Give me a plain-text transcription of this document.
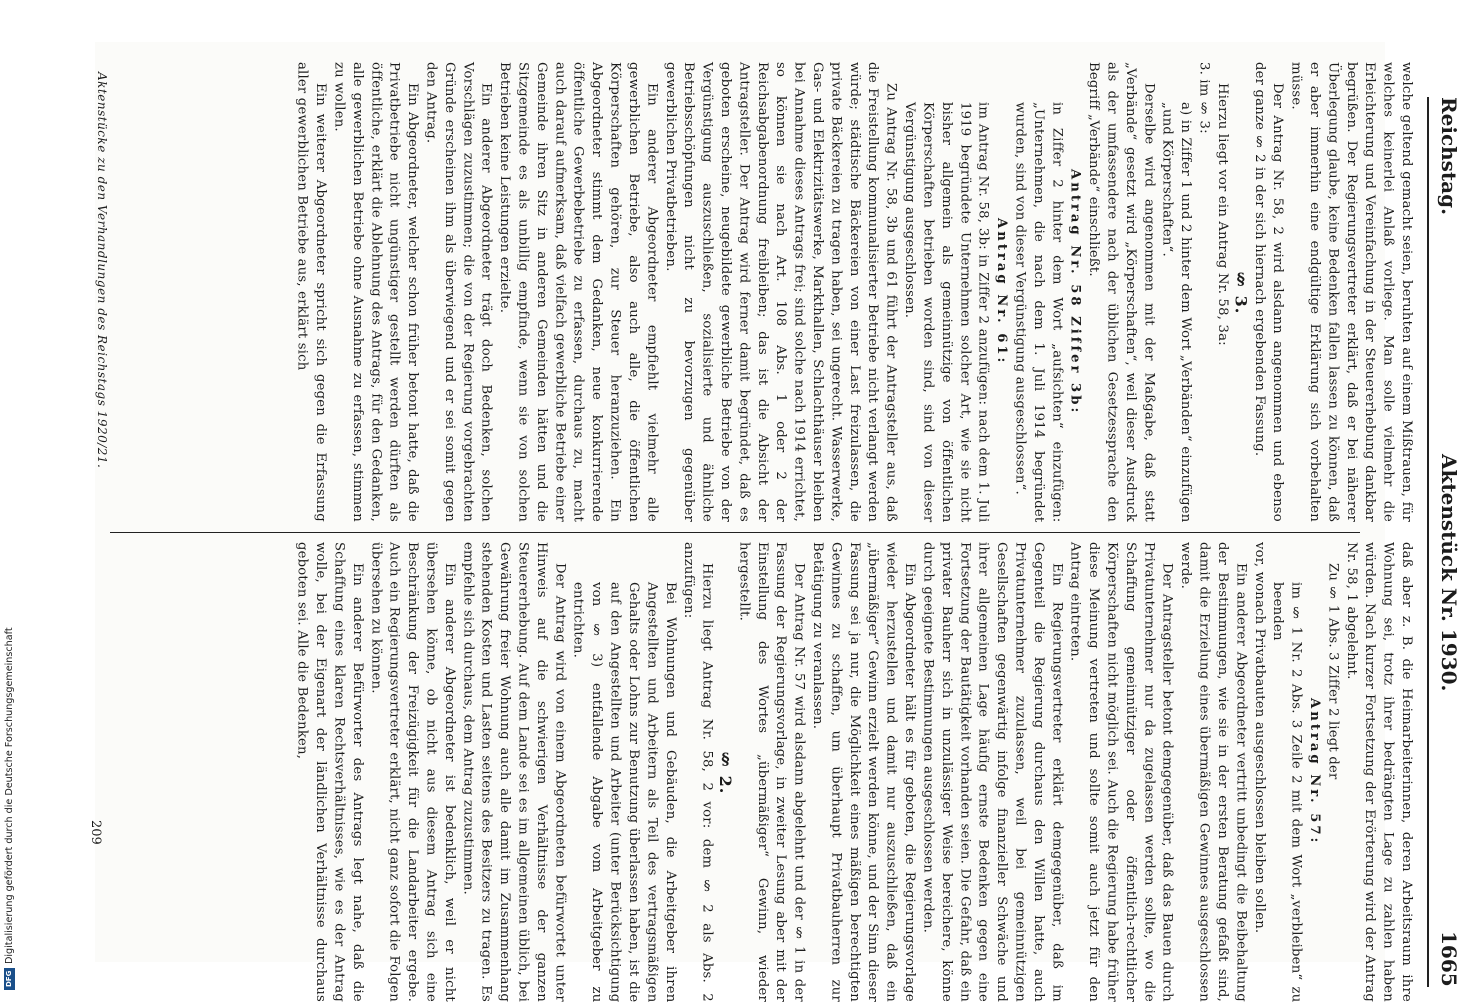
Reichstag.
Aktenstück Nr. 1930.
1665

daß aber z. B. die Heimarbeiterinnen, deren Arbeitsraum ihre Wohnung sei, trotz ihrer bedrängten Lage zu zahlen haben würden. Nach kurzer Fortsetzung der Erörterung wird der Antrag Nr. 58, 1 abgelehnt.

Zu § 1 Abs. 3 Ziffer 2 liegt der

Antrag Nr. 57:

im § 1 Nr. 2 Abs. 3 Zeile 2 mit dem Wort „verbleiben“ zu beenden

vor, wonach Privatbauten ausgeschlossen bleiben sollen.

Ein anderer Abgeordneter vertritt unbedingt die Beibehaltung der Bestimmungen, wie sie in der ersten Beratung gefaßt sind, damit die Erzielung eines übermäßigen Gewinnes ausgeschlossen werde.

Der Antragsteller betont demgegenüber, daß das Bauen durch Privatunternehmer nur da zugelassen werden sollte, wo die Schaffung gemeinnütziger oder öffentlich-rechtlicher Körperschaften nicht möglich sei. Auch die Regierung habe früher diese Meinung vertreten und sollte somit auch jetzt für den Antrag eintreten.

Ein Regierungsvertreter erklärt demgegenüber, daß im Gegenteil die Regierung durchaus den Willen hatte, auch Privatunternehmer zuzulassen, weil bei gemeinnützigen Gesellschaften gegenwärtig infolge finanzieller Schwäche und ihrer allgemeinen Lage häufig ernste Bedenken gegen eine Fortsetzung der Bautätigkeit vorhanden seien. Die Gefahr, daß ein privater Bauherr sich in unzulässiger Weise bereichere, könne durch geeignete Bestimmungen ausgeschlossen werden.

Ein Abgeordneter hält es für geboten, die Regierungsvorlage wieder herzustellen und damit nur auszuschließen, daß ein „übermäßiger“ Gewinn erzielt werden könne, und der Sinn dieser Fassung sei ja nur, die Möglichkeit eines mäßigen berechtigten Gewinnes zu schaffen, um überhaupt Privatbauherren zur Betätigung zu veranlassen.

Der Antrag Nr. 57 wird alsdann abgelehnt und der § 1 in der Fassung der Regierungsvorlage, in zweiter Lesung aber mit der Einstellung des Wortes „übermäßiger“ Gewinn, wieder hergestellt.

§ 2.

Hierzu liegt Antrag Nr. 58, 2 vor: dem § 2 als Abs. 2 anzufügen:

Bei Wohnungen und Gebäuden, die Arbeitgeber ihren Angestellten und Arbeitern als Teil des vertragsmäßigen Gehalts oder Lohns zur Benutzung überlassen haben, ist die auf den Angestellten und Arbeiter (unter Berücksichtigung von § 3) entfallende Abgabe vom Arbeitgeber zu entrichten.

Der Antrag wird von einem Abgeordneten befürwortet unter Hinweis auf die schwierigen Verhältnisse der ganzen Steuererhebung. Auf dem Lande sei es im allgemeinen üblich, bei Gewährung freier Wohnung auch alle damit im Zusammenhang stehenden Kosten und Lasten seitens des Besitzers zu tragen. Es empfehle sich durchaus, dem Antrag zuzustimmen.

Ein anderer Abgeordneter ist bedenklich, weil er nicht übersehen könne, ob nicht aus diesem Antrag sich eine Beschränkung der Freizügigkeit für die Landarbeiter ergebe. Auch ein Regierungsvertreter erklärt, nicht ganz sofort die Folgen übersehen zu können.

Ein anderer Befürworter des Antrags legt nahe, daß die Schaffung eines klaren Rechtsverhältnisses, wie es der Antrag wolle, bei der Eigenart der ländlichen Verhältnisse durchaus geboten sei. Alle die Bedenken,

welche geltend gemacht seien, beruhten auf einem Mißtrauen, für welches keinerlei Anlaß vorliege. Man solle vielmehr die Erleichterung und Vereinfachung in der Steuererhebung dankbar begrüßen. Der Regierungsvertreter erklärt, daß er bei näherer Überlegung glaube, keine Bedenken fallen lassen zu können, daß er aber immerhin eine endgültige Erklärung sich vorbehalten müsse.

Der Antrag Nr. 58, 2 wird alsdann angenommen und ebenso der ganze § 2 in der sich hiernach ergebenden Fassung.

§ 3.

Hierzu liegt vor ein Antrag Nr. 58, 3a:

3. im § 3:

a) in Ziffer 1 und 2 hinter dem Wort „Verbänden“ einzufügen „und Körperschaften“.

Derselbe wird angenommen mit der Maßgabe, daß statt „Verbände“ gesetzt wird „Körperschaften“, weil dieser Ausdruck als der umfassendere nach der üblichen Gesetzessprache den Begriff „Verbände“ einschließt.

Antrag Nr. 58 Ziffer 3b:

in Ziffer 2 hinter dem Wort „aufsichten“ einzufügen: „Unternehmen, die nach dem 1. Juli 1914 begründet wurden, sind von dieser Vergünstigung ausgeschlossen“.

Antrag Nr. 61:

im Antrag Nr. 58, 3b: in Ziffer 2 anzufügen: nach dem 1. Juli 1919 begründete Unternehmen solcher Art, wie sie nicht bisher allgemein als gemeinnützige von öffentlichen Körperschaften betrieben worden sind, sind von dieser Vergünstigung ausgeschlossen.

Zu Antrag Nr. 58, 3b und 61 führt der Antragsteller aus, daß die Freistellung kommunalisierter Betriebe nicht verlangt werden würde; städtische Bäckereien von einer Last freizulassen, die private Bäckereien zu tragen haben, sei ungerecht. Wasserwerke, Gas- und Elektrizitätswerke, Markthallen, Schlachthäuser bleiben bei Annahme dieses Antrags frei; sind solche nach 1914 errichtet, so können sie nach Art. 108 Abs. 1 oder 2 der Reichsabgabenordnung freibleiben; das ist die Absicht der Antragsteller. Der Antrag wird ferner damit begründet, daß es geboten erscheine, neugebildete gewerbliche Betriebe von der Vergünstigung auszuschließen, sozialisierte und ähnliche Betriebsschöpfungen nicht zu bevorzugen gegenüber gewerblichen Privatbetrieben.

Ein anderer Abgeordneter empfiehlt vielmehr alle gewerblichen Betriebe, also auch alle, die öffentlichen Körperschaften gehören, zur Steuer heranzuziehen. Ein Abgeordneter stimmt dem Gedanken, neue konkurrierende öffentliche Gewerbebetriebe zu erfassen, durchaus zu, macht auch darauf aufmerksam, daß vielfach gewerbliche Betriebe einer Gemeinde ihren Sitz in anderen Gemeinden hätten und die Sitzgemeinde es als unbillig empfinde, wenn sie von solchen Betrieben keine Leistungen erzielte.

Ein anderer Abgeordneter trägt doch Bedenken, solchen Vorschlägen zuzustimmen; die von der Regierung vorgebrachten Gründe erscheinen ihm als überwiegend und er sei somit gegen den Antrag.

Ein Abgeordneter, welcher schon früher betont hatte, daß die Privatbetriebe nicht ungünstiger gestellt werden dürften als öffentliche, erklärt die Ablehnung des Antrags, für den Gedanken, alle gewerblichen Betriebe ohne Ausnahme zu erfassen, stimmen zu wollen.

Ein weiterer Abgeordneter spricht sich gegen die Erfassung aller gewerblichen Betriebe aus, erklärt sich

Aktenstücke zu den Verhandlungen des Reichstags 1920/21.
209
DFG
Digitalisierung gefördert durch die Deutsche Forschungsgemeinschaft
